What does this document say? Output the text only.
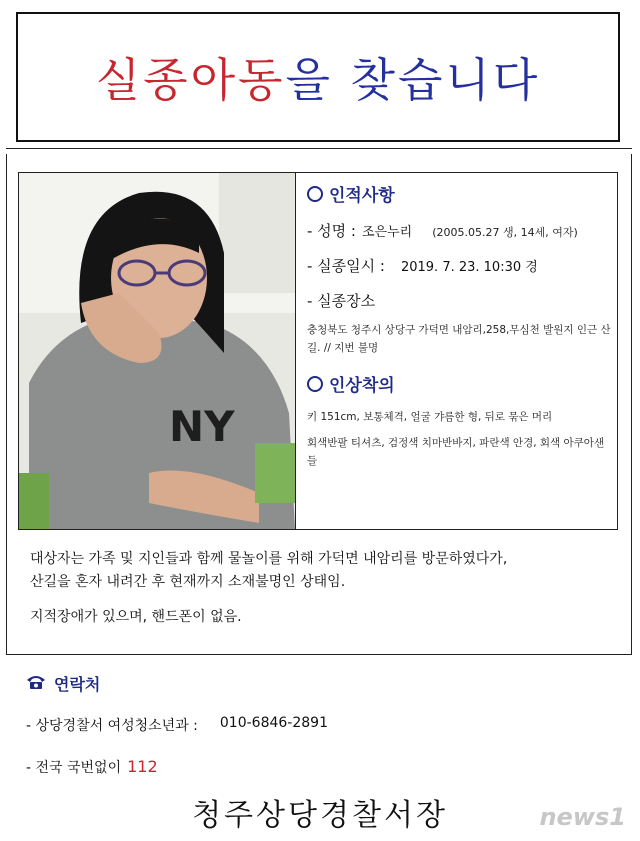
실종아동을 찾습니다
NY
인적사항
- 성명 : 조은누리 (2005.05.27 생, 14세, 여자)
- 실종일시 : 2019. 7. 23. 10:30 경
- 실종장소
충청북도 청주시 상당구 가덕면 내암리,258,무심천 발원지 인근 산길. // 지번 불명
인상착의
키 151cm, 보통체격, 얼굴 갸름한 형, 뒤로 묶은 머리
회색반팔 티셔츠, 검정색 치마반바지, 파란색 안경, 회색 아쿠아샌들

대상자는 가족 및 지인들과 함께 물놀이를 위해 가덕면 내암리를 방문하였다가,

산길을 혼자 내려간 후 현재까지 소재불명인 상태임.

지적장애가 있으며, 핸드폰이 없음.

연락처
- 상당경찰서 여성청소년과 : 010-6846-2891
- 전국 국번없이 112
청주상당경찰서장	news1
